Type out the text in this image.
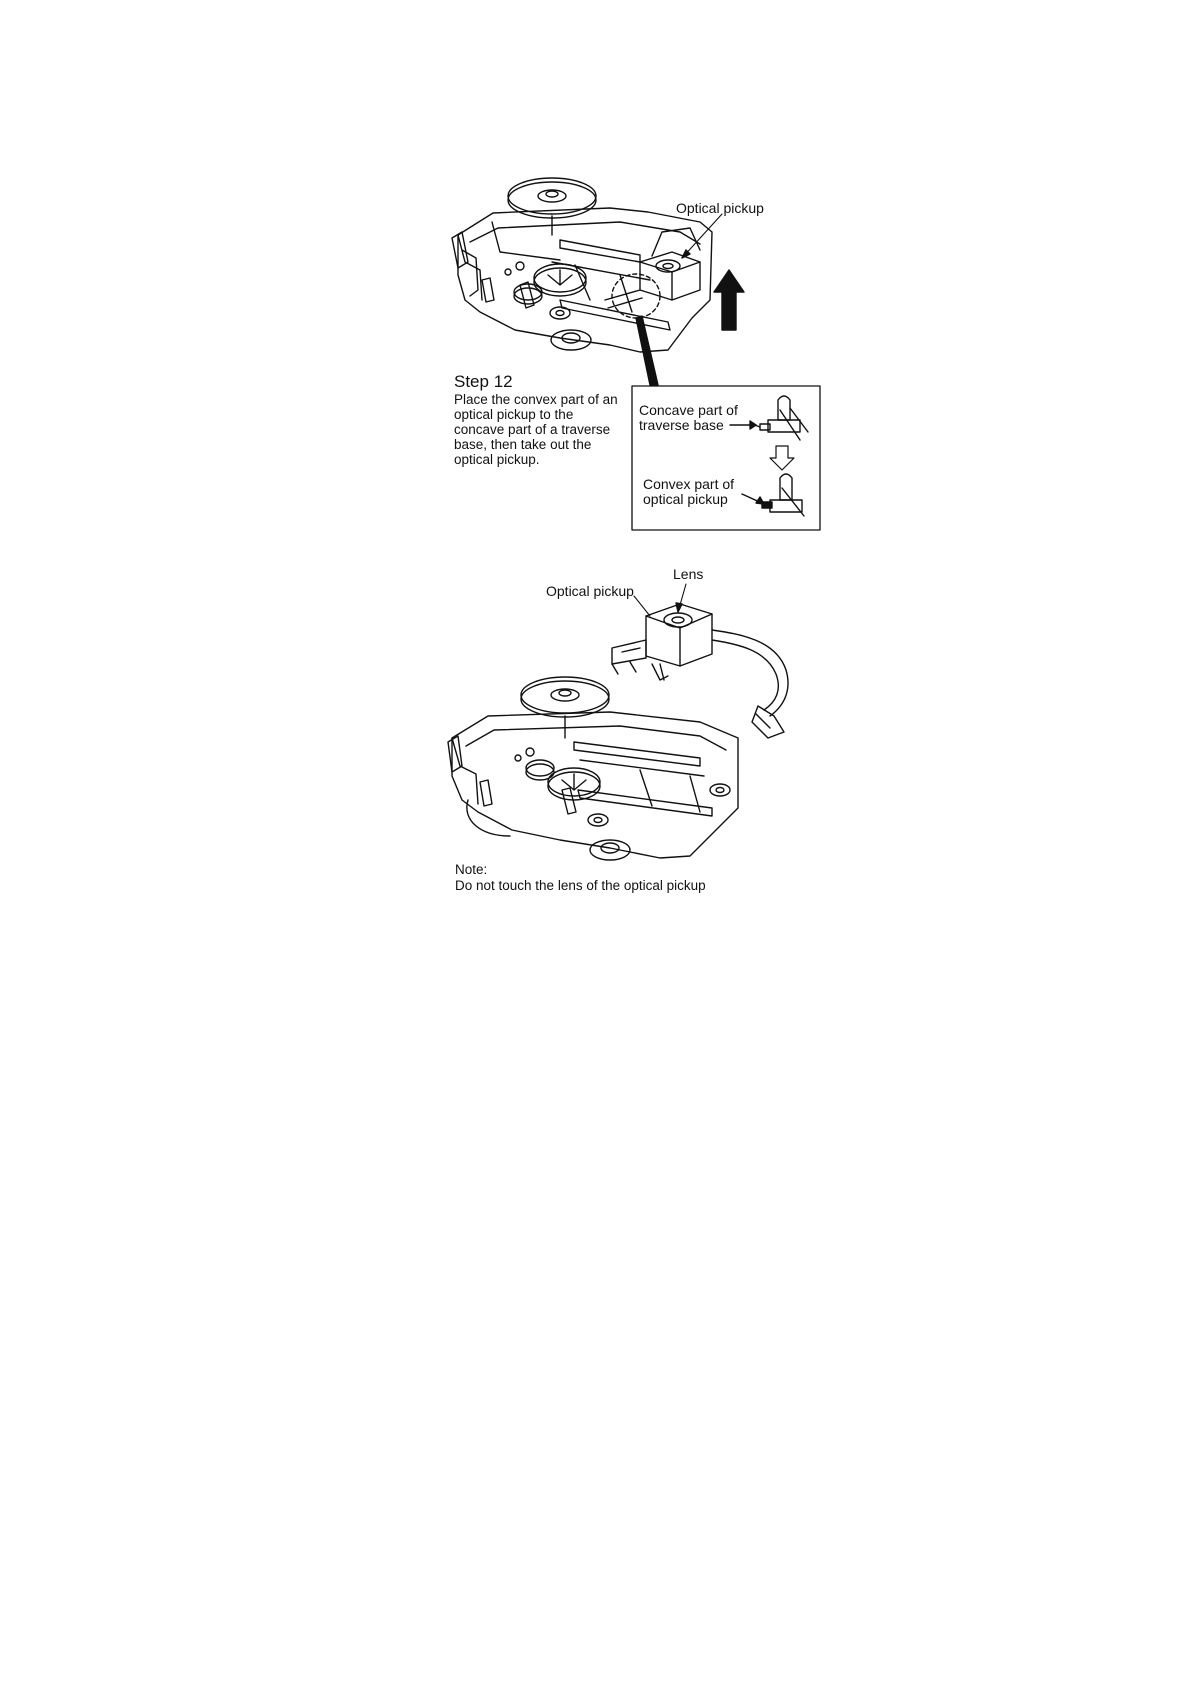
Optical pickup
Step 12
Place the convex part of an optical pickup to the concave part of a traverse base, then take out the optical pickup.
Concave part of traverse base
Convex part of optical pickup
Lens
Optical pickup
Note:
Do not touch the lens of the optical pickup
